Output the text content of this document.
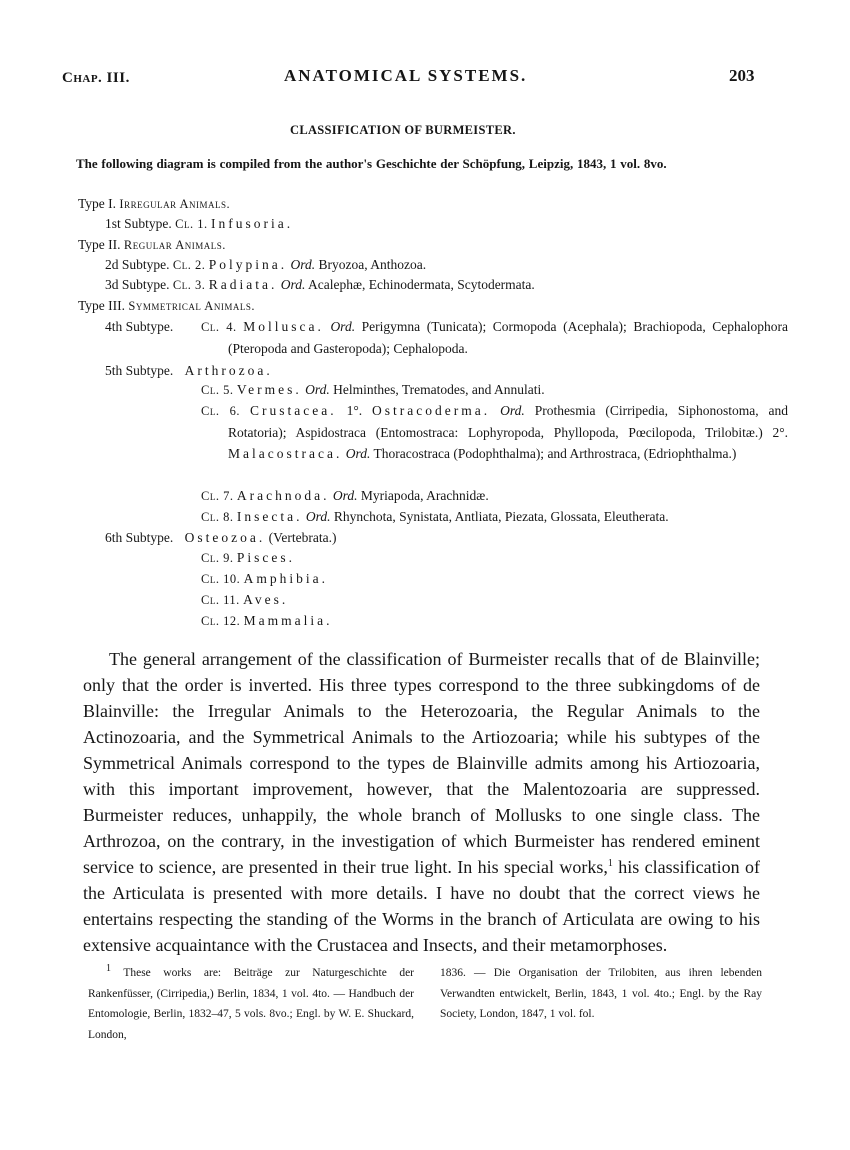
Chap. III.	ANATOMICAL SYSTEMS.	203
CLASSIFICATION OF BURMEISTER.
The following diagram is compiled from the author's Geschichte der Schöpfung, Leipzig, 1843, 1 vol. 8vo.
Type I. Irregular Animals.
1st Subtype. Cl. 1. Infusoria.
Type II. Regular Animals.
2d Subtype. Cl. 2. Polypina. Ord. Bryozoa, Anthozoa.
3d Subtype. Cl. 3. Radiata. Ord. Acalephæ, Echinodermata, Scytodermata.
Type III. Symmetrical Animals.
4th Subtype. Cl. 4. Mollusca. Ord. Perigymna (Tunicata); Cormopoda (Acephala); Brachiopoda, Cephalophora (Pteropoda and Gasteropoda); Cephalopoda.
5th Subtype. Arthrozoa.
Cl. 5. Vermes. Ord. Helminthes, Trematodes, and Annulati.
Cl. 6. Crustacea. 1°. Ostracoderma. Ord. Prothesmia (Cirripedia, Siphonostoma, and Rotatoria); Aspidostraca (Entomostraca: Lophyropoda, Phyllopoda, Pœcilopoda, Trilobitæ.) 2°. Malacostraca. Ord. Thoracostraca (Podophthalma); and Arthrostraca, (Edriophthalma.)
Cl. 7. Arachnoda. Ord. Myriapoda, Arachnidæ.
Cl. 8. Insecta. Ord. Rhynchota, Synistata, Antliata, Piezata, Glossata, Eleutherata.
6th Subtype. Osteozoa. (Vertebrata.)
Cl. 9. Pisces.
Cl. 10. Amphibia.
Cl. 11. Aves.
Cl. 12. Mammalia.
The general arrangement of the classification of Burmeister recalls that of de Blainville; only that the order is inverted. His three types correspond to the three subkingdoms of de Blainville: the Irregular Animals to the Heterozoaria, the Regular Animals to the Actinozoaria, and the Symmetrical Animals to the Artiozoaria; while his subtypes of the Symmetrical Animals correspond to the types de Blainville admits among his Artiozoaria, with this important improvement, however, that the Malentozoaria are suppressed. Burmeister reduces, unhappily, the whole branch of Mollusks to one single class. The Arthrozoa, on the contrary, in the investigation of which Burmeister has rendered eminent service to science, are presented in their true light. In his special works,$^1$ his classification of the Articulata is presented with more details. I have no doubt that the correct views he entertains respecting the standing of the Worms in the branch of Articulata are owing to his extensive acquaintance with the Crustacea and Insects, and their metamorphoses.
$^1$ These works are: Beiträge zur Naturgeschichte der Rankenfüsser, (Cirripedia,) Berlin, 1834, 1 vol. 4to. — Handbuch der Entomologie, Berlin, 1832–47, 5 vols. 8vo.; Engl. by W. E. Shuckard, London,
1836. — Die Organisation der Trilobiten, aus ihren lebenden Verwandten entwickelt, Berlin, 1843, 1 vol. 4to.; Engl. by the Ray Society, London, 1847, 1 vol. fol.
